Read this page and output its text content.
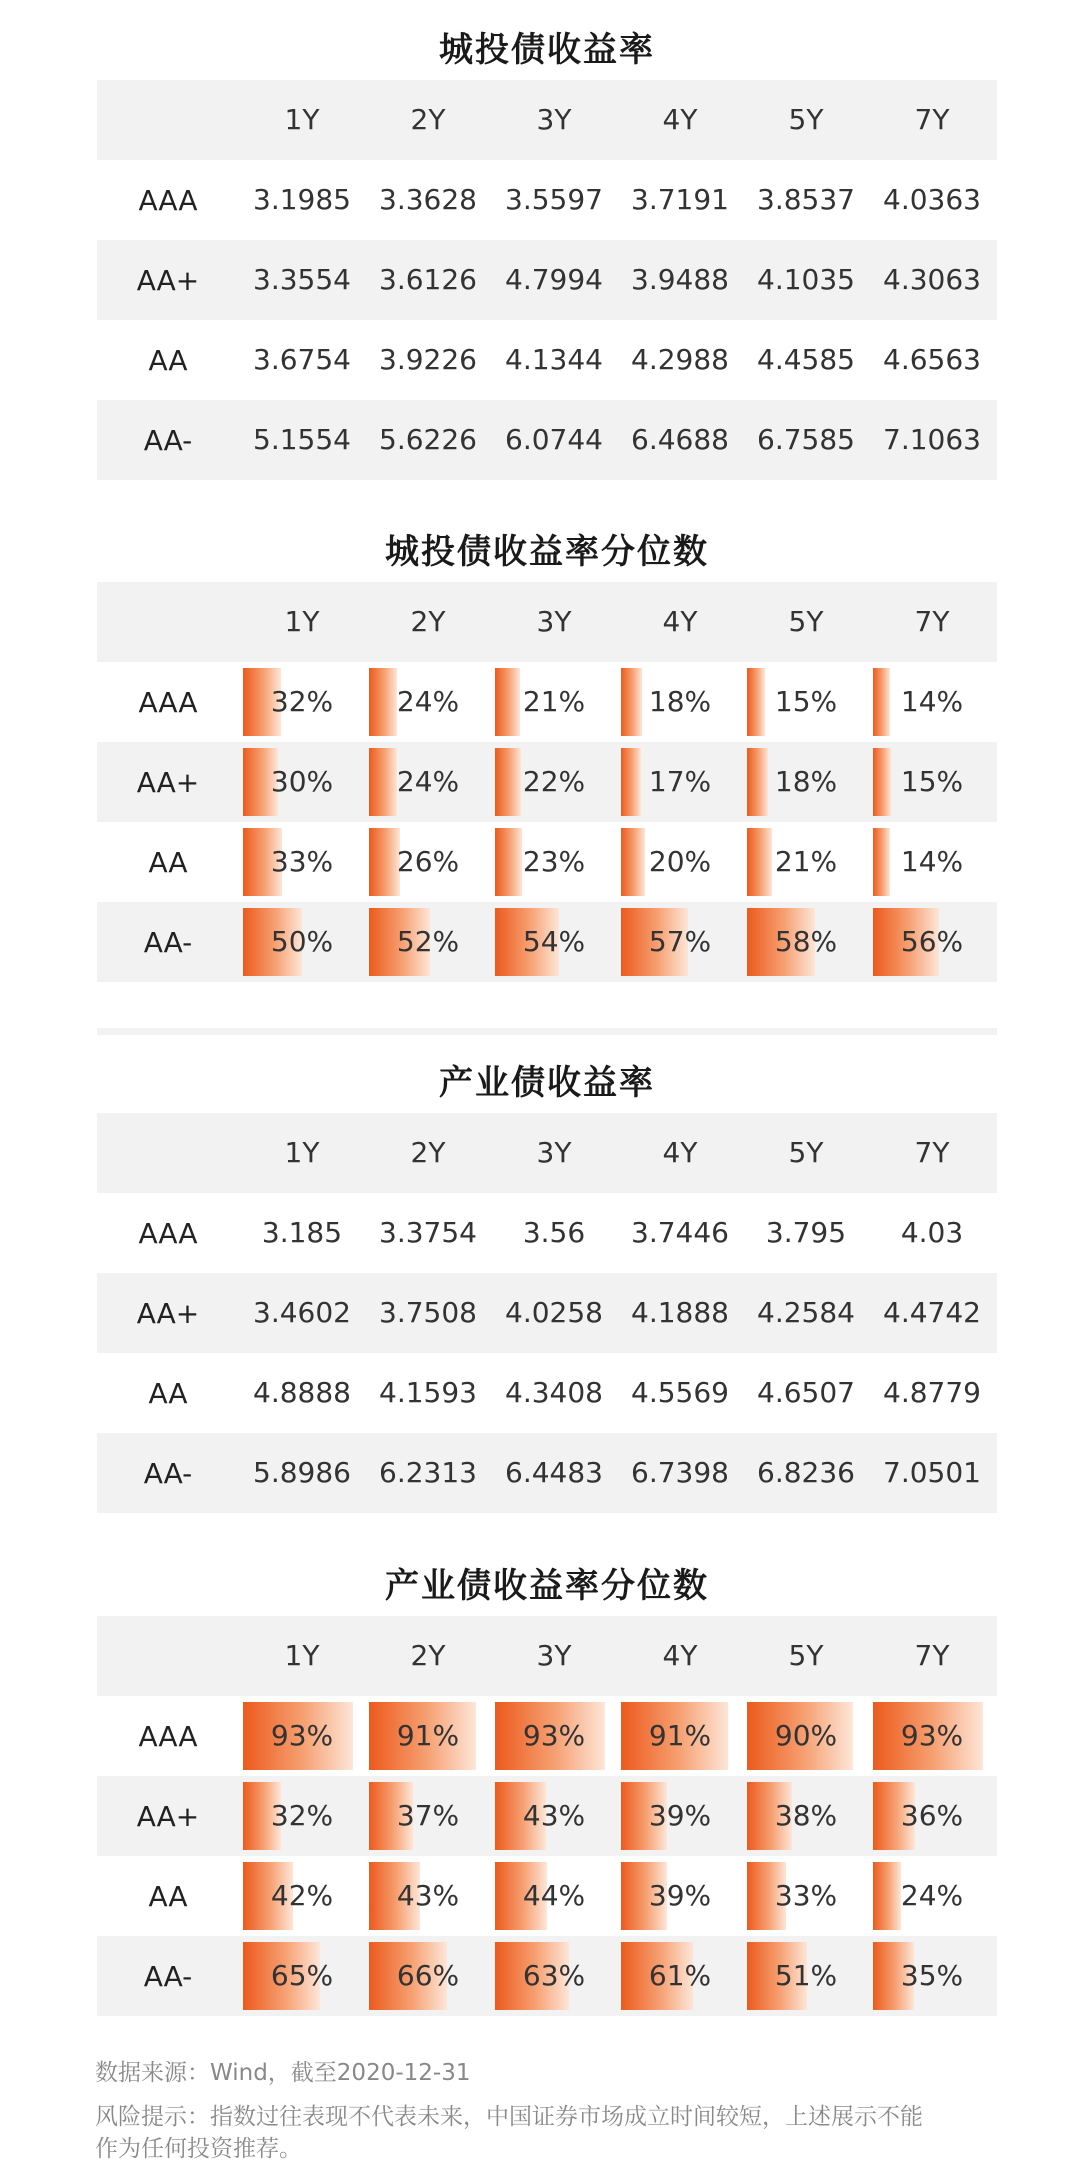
城投债收益率
1Y	2Y	3Y	4Y	5Y	7Y
AAA	3.1985	3.3628	3.5597	3.7191	3.8537	4.0363
AA+	3.3554	3.6126	4.7994	3.9488	4.1035	4.3063
AA	3.6754	3.9226	4.1344	4.2988	4.4585	4.6563
AA-	5.1554	5.6226	6.0744	6.4688	6.7585	7.1063
城投债收益率分位数
1Y	2Y	3Y	4Y	5Y	7Y
AAA	32%	24%	21%	18%	15%	14%
AA+	30%	24%	22%	17%	18%	15%
AA	33%	26%	23%	20%	21%	14%
AA-	50%	52%	54%	57%	58%	56%
产业债收益率
1Y	2Y	3Y	4Y	5Y	7Y
AAA	3.185	3.3754	3.56	3.7446	3.795	4.03
AA+	3.4602	3.7508	4.0258	4.1888	4.2584	4.4742
AA	4.8888	4.1593	4.3408	4.5569	4.6507	4.8779
AA-	5.8986	6.2313	6.4483	6.7398	6.8236	7.0501
产业债收益率分位数
1Y	2Y	3Y	4Y	5Y	7Y
AAA	93%	91%	93%	91%	90%	93%
AA+	32%	37%	43%	39%	38%	36%
AA	42%	43%	44%	39%	33%	24%
AA-	65%	66%	63%	61%	51%	35%
数据来源：Wind，截至2020-12-31
风险提示：指数过往表现不代表未来，中国证券市场成立时间较短，上述展示不能
作为任何投资推荐。
